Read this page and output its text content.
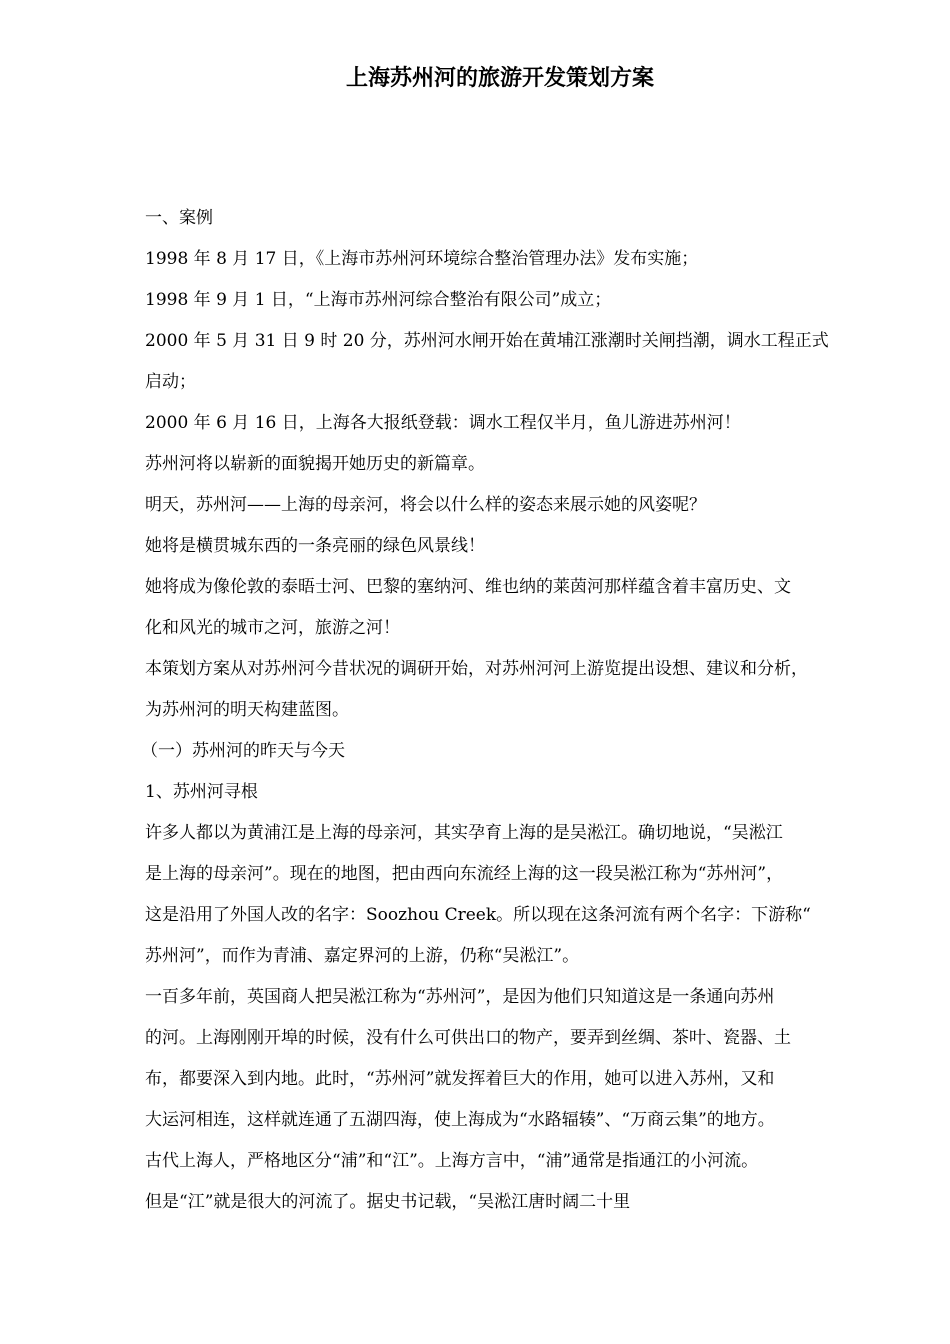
上海苏州河的旅游开发策划方案

一、案例

1998 年 8 月 17 日，《上海市苏州河环境综合整治管理办法》发布实施；

1998 年 9 月 1 日，“上海市苏州河综合整治有限公司”成立；

2000 年 5 月 31 日 9 时 20 分，苏州河水闸开始在黄埔江涨潮时关闸挡潮，调水工程正式

启动；

2000 年 6 月 16 日，上海各大报纸登载：调水工程仅半月，鱼儿游进苏州河！

苏州河将以崭新的面貌揭开她历史的新篇章。

明天，苏州河——上海的母亲河，将会以什么样的姿态来展示她的风姿呢？

她将是横贯城东西的一条亮丽的绿色风景线！

她将成为像伦敦的泰晤士河、巴黎的塞纳河、维也纳的莱茵河那样蕴含着丰富历史、文

化和风光的城市之河，旅游之河！

本策划方案从对苏州河今昔状况的调研开始，对苏州河河上游览提出设想、建议和分析，

为苏州河的明天构建蓝图。

（一）苏州河的昨天与今天

1、苏州河寻根

许多人都以为黄浦江是上海的母亲河，其实孕育上海的是吴淞江。确切地说，“吴淞江

是上海的母亲河”。现在的地图，把由西向东流经上海的这一段吴淞江称为“苏州河”，

这是沿用了外国人改的名字：Soozhou Creek。所以现在这条河流有两个名字：下游称“

苏州河”，而作为青浦、嘉定界河的上游，仍称“吴淞江”。

一百多年前，英国商人把吴淞江称为“苏州河”，是因为他们只知道这是一条通向苏州

的河。上海刚刚开埠的时候，没有什么可供出口的物产，要弄到丝绸、茶叶、瓷器、土

布，都要深入到内地。此时，“苏州河”就发挥着巨大的作用，她可以进入苏州，又和

大运河相连，这样就连通了五湖四海，使上海成为“水路辐辏”、“万商云集”的地方。

古代上海人，严格地区分“浦”和“江”。上海方言中，“浦”通常是指通江的小河流。

但是“江”就是很大的河流了。据史书记载，“吴淞江唐时阔二十里
